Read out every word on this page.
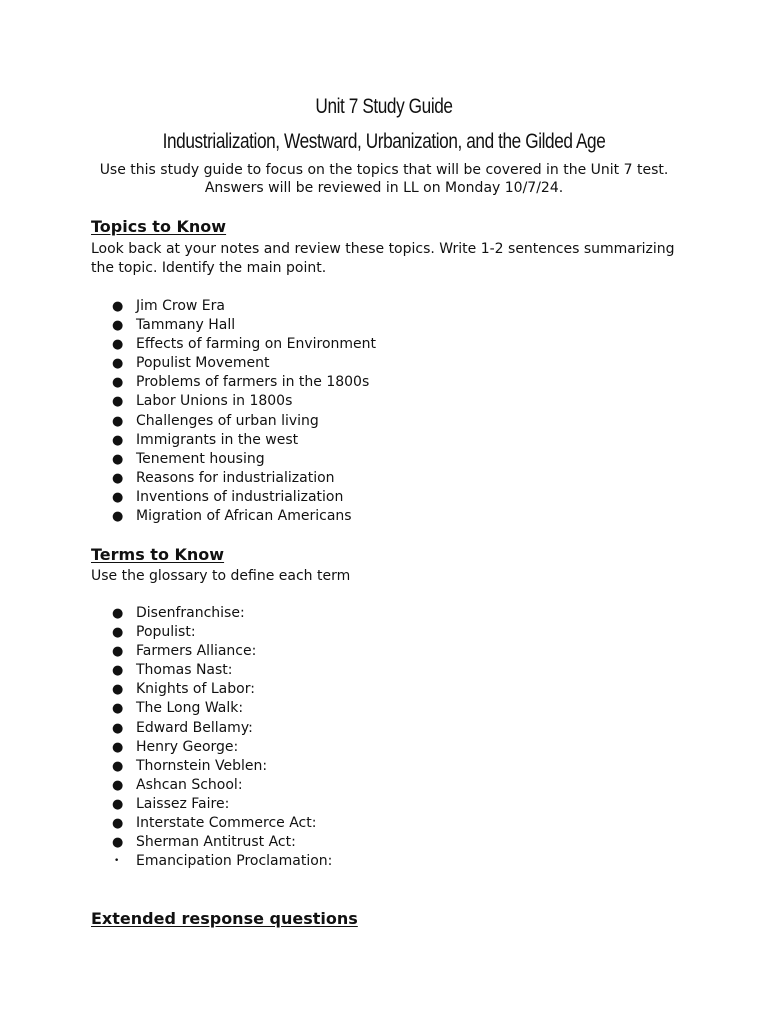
Unit 7 Study Guide
Industrialization, Westward, Urbanization, and the Gilded Age
Use this study guide to focus on the topics that will be covered in the Unit 7 test.
Answers will be reviewed in LL on Monday 10/7/24.
Topics to Know
Look back at your notes and review these topics. Write 1-2 sentences summarizing the topic. Identify the main point.
● Jim Crow Era
● Tammany Hall
● Effects of farming on Environment
● Populist Movement
● Problems of farmers in the 1800s
● Labor Unions in 1800s
● Challenges of urban living
● Immigrants in the west
● Tenement housing
● Reasons for industrialization
● Inventions of industrialization
● Migration of African Americans
Terms to Know
Use the glossary to define each term
● Disenfranchise:
● Populist:
● Farmers Alliance:
● Thomas Nast:
● Knights of Labor:
● The Long Walk:
● Edward Bellamy:
● Henry George:
● Thornstein Veblen:
● Ashcan School:
● Laissez Faire:
● Interstate Commerce Act:
● Sherman Antitrust Act:
• Emancipation Proclamation:
Extended response questions
